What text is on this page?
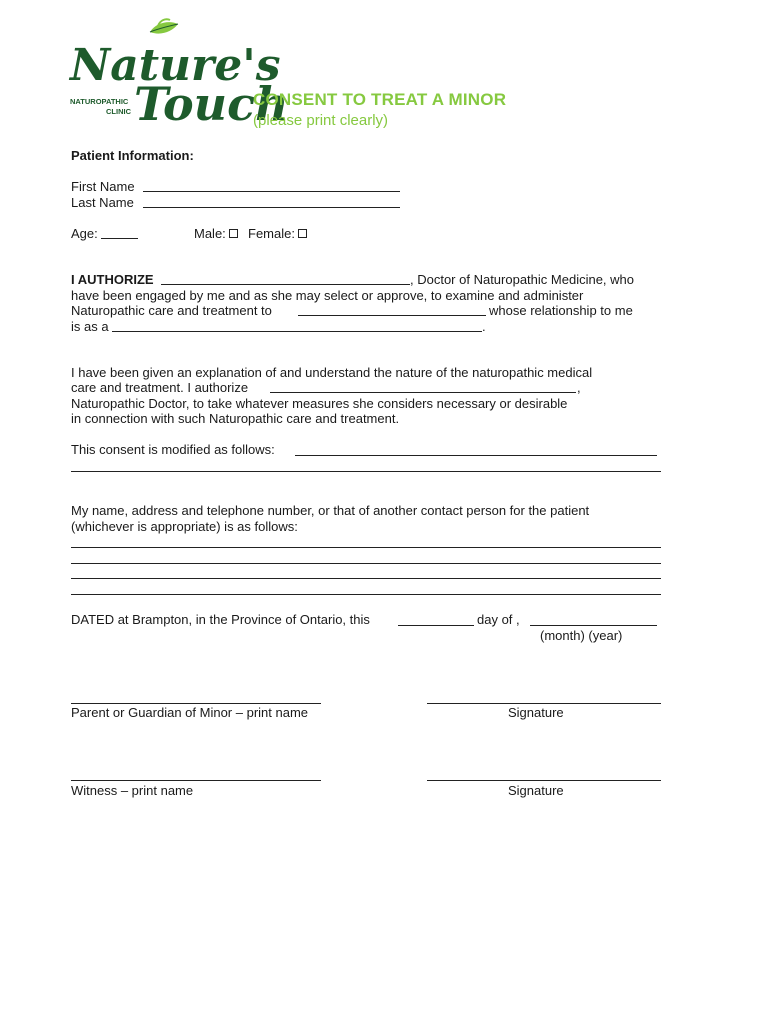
Nature's
Touch
NATUROPATHIC
CLINIC
CONSENT TO TREAT A MINOR
(please print clearly)
Patient Information:
First Name
Last Name
Age:	Male:	Female:
I AUTHORIZE	, Doctor of Naturopathic Medicine, who
have been engaged by me and as she may select or approve, to examine and administer
Naturopathic care and treatment to	whose relationship to me
is as a	.
I have been given an explanation of and understand the nature of the naturopathic medical
care and treatment. I authorize	,
Naturopathic Doctor, to take whatever measures she considers necessary or desirable
in connection with such Naturopathic care and treatment.
This consent is modified as follows:
My name, address and telephone number, or that of another contact person for the patient
(whichever is appropriate) is as follows:
DATED at Brampton, in the Province of Ontario, this	day of ,
(month) (year)
Parent or Guardian of Minor – print name	Signature
Witness – print name	Signature
